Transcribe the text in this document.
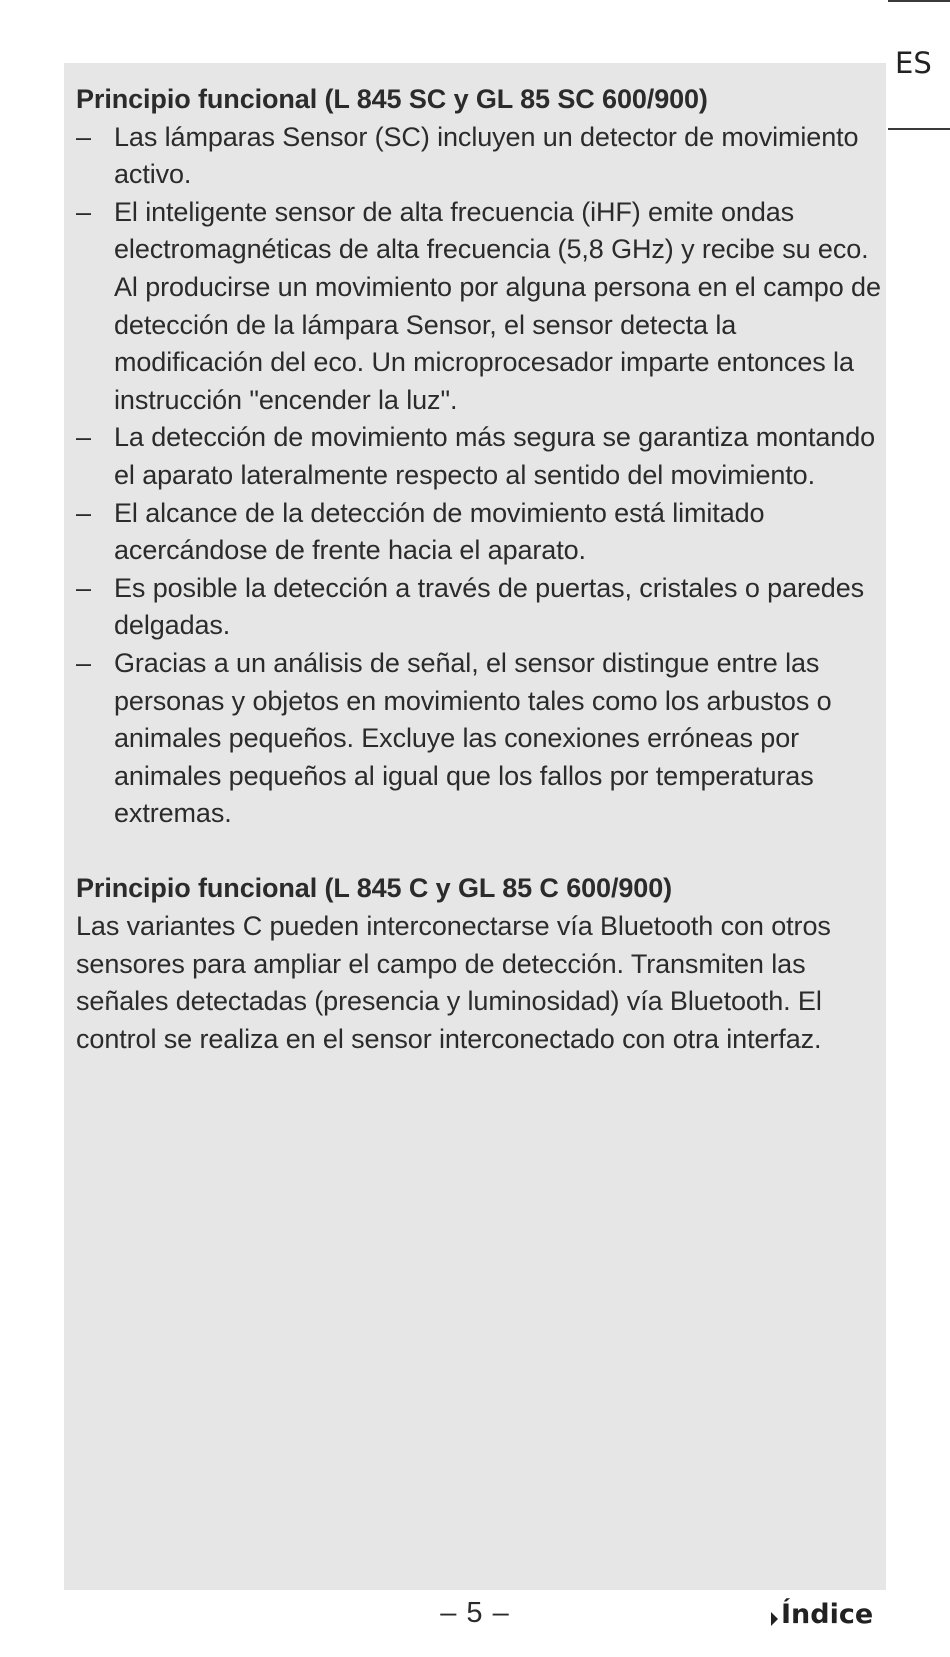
ES

Principio funcional (L 845 SC y GL 85 SC 600/900)

– Las lámparas Sensor (SC) incluyen un detector de movimiento activo.
– El inteligente sensor de alta frecuencia (iHF) emite ondas electromagnéticas de alta frecuencia (5,8 GHz) y recibe su eco. Al producirse un movimiento por alguna persona en el campo de detección de la lámpara Sensor, el sensor detecta la modificación del eco. Un microprocesador imparte entonces la instrucción "encender la luz".
– La detección de movimiento más segura se garantiza montando el aparato lateralmente respecto al sentido del movimiento.
– El alcance de la detección de movimiento está limitado acercándose de frente hacia el aparato.
– Es posible la detección a través de puertas, cristales o paredes delgadas.
– Gracias a un análisis de señal, el sensor distingue entre las personas y objetos en movimiento tales como los arbustos o animales pequeños. Excluye las conexiones erróneas por animales pequeños al igual que los fallos por temperaturas extremas.

Principio funcional (L 845 C y GL 85 C 600/900)

Las variantes C pueden interconectarse vía Bluetooth con otros sensores para ampliar el campo de detección. Transmiten las señales detectadas (presencia y luminosidad) vía Bluetooth. El control se realiza en el sensor interconectado con otra interfaz.

– 5 –	Índice
